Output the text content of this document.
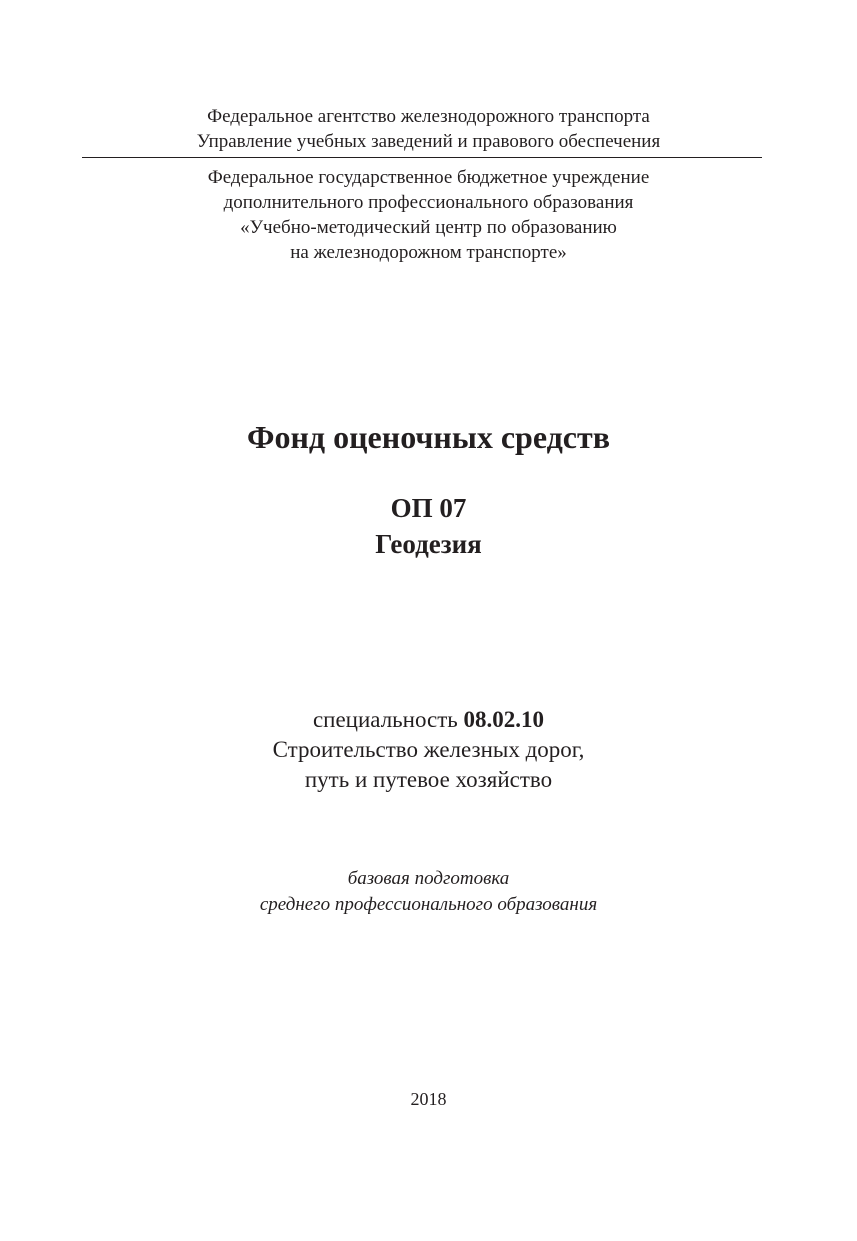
Федеральное агентство железнодорожного транспорта
Управление учебных заведений и правового обеспечения
Федеральное государственное бюджетное учреждение
дополнительного профессионального образования
«Учебно-методический центр по образованию
на железнодорожном транспорте»
Фонд оценочных средств
ОП 07
Геодезия
специальность 08.02.10
Строительство железных дорог,
путь и путевое хозяйство
базовая подготовка
среднего профессионального образования
2018
